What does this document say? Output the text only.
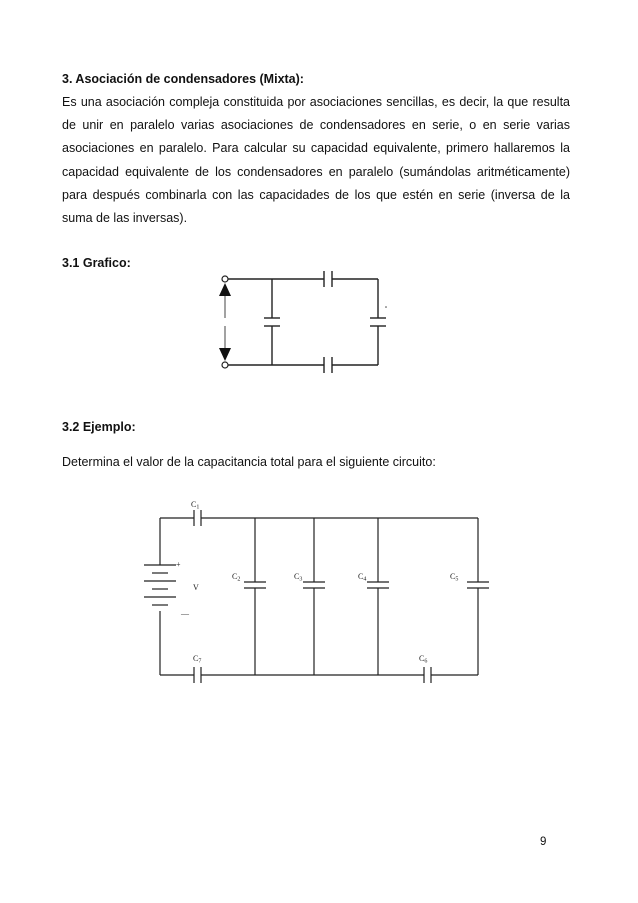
3. Asociación de condensadores (Mixta):

Es una asociación compleja constituida por asociaciones sencillas, es decir, la que resulta de unir en paralelo varias asociaciones de condensadores en serie, o en serie varias asociaciones en paralelo. Para calcular su capacidad equivalente, primero hallaremos la capacidad equivalente de los condensadores en paralelo (sumándolas aritméticamente) para después combinarla con las capacidades de los que estén en serie (inversa de la suma de las inversas).

3.1 Grafico:

3.2 Ejemplo:

Determina el valor de la capacitancia total para el siguiente circuito:

+
—
V
C1
C2	C3	C4	C5
C6
C7
9
